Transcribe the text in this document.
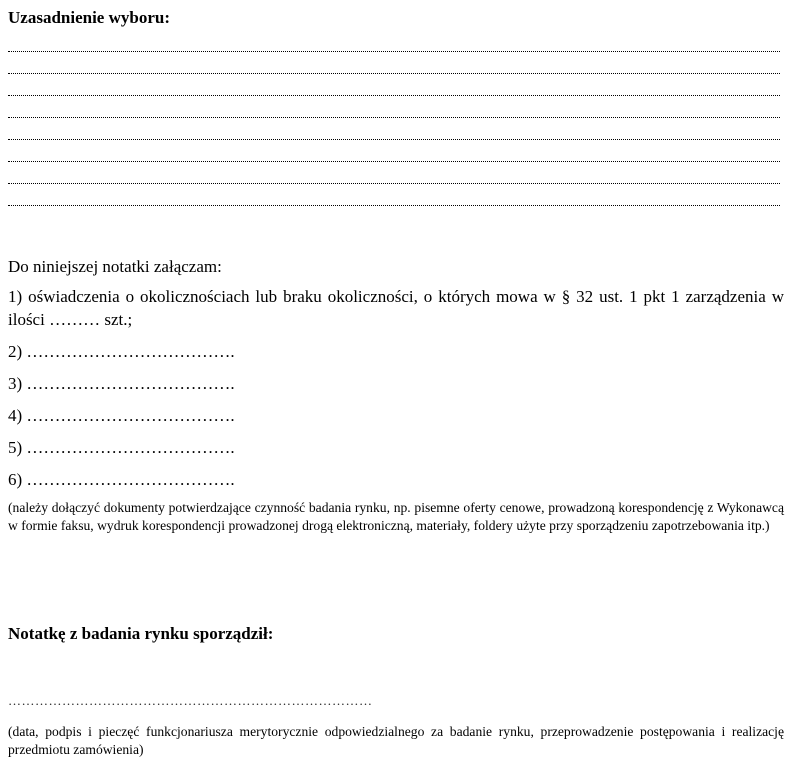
Uzasadnienie wyboru:
Do niniejszej notatki załączam:
1) oświadczenia o okolicznościach lub braku okoliczności, o których mowa w § 32 ust. 1 pkt 1 zarządzenia w ilości ……… szt.;
2) ……………………………….
3) ……………………………….
4) ……………………………….
5) ……………………………….
6) ……………………………….
(należy dołączyć dokumenty potwierdzające czynność badania rynku, np. pisemne oferty cenowe, prowadzoną korespondencję z Wykonawcą w formie faksu, wydruk korespondencji prowadzonej drogą elektroniczną, materiały, foldery użyte przy sporządzeniu zapotrzebowania itp.)
Notatkę z badania rynku sporządził:
………………………………………………………………………
(data, podpis i pieczęć funkcjonariusza merytorycznie odpowiedzialnego za badanie rynku, przeprowadzenie postępowania i realizację przedmiotu zamówienia)
